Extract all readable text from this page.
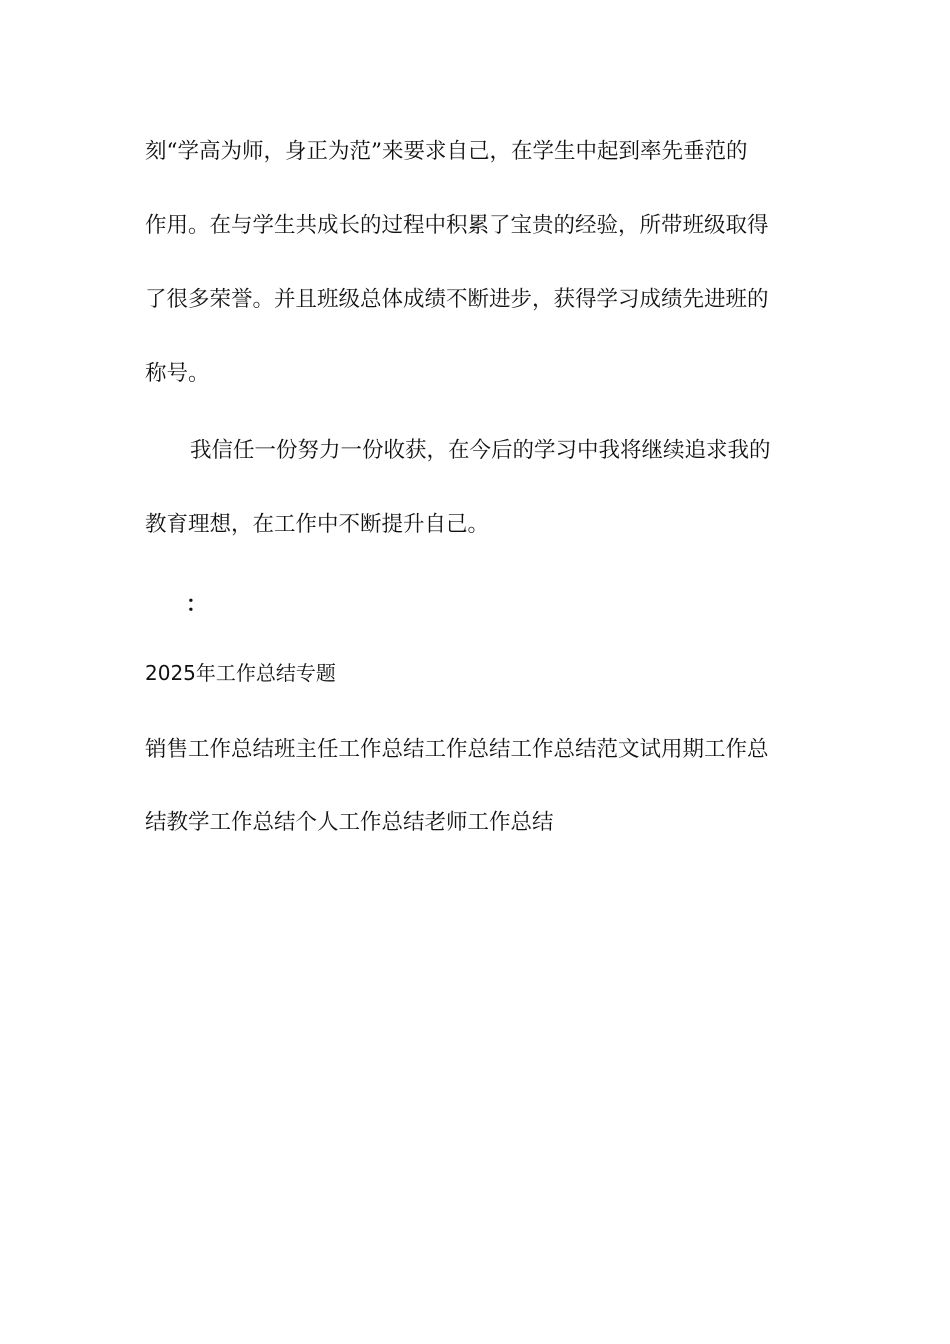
刻“学高为师，身正为范”来要求自己，在学生中起到率先垂范的
作用。在与学生共成长的过程中积累了宝贵的经验，所带班级取得
了很多荣誉。并且班级总体成绩不断进步，获得学习成绩先进班的
称号。
我信任一份努力一份收获，在今后的学习中我将继续追求我的
教育理想，在工作中不断提升自己。
：
2025年工作总结专题
销售工作总结班主任工作总结工作总结工作总结范文试用期工作总
结教学工作总结个人工作总结老师工作总结
